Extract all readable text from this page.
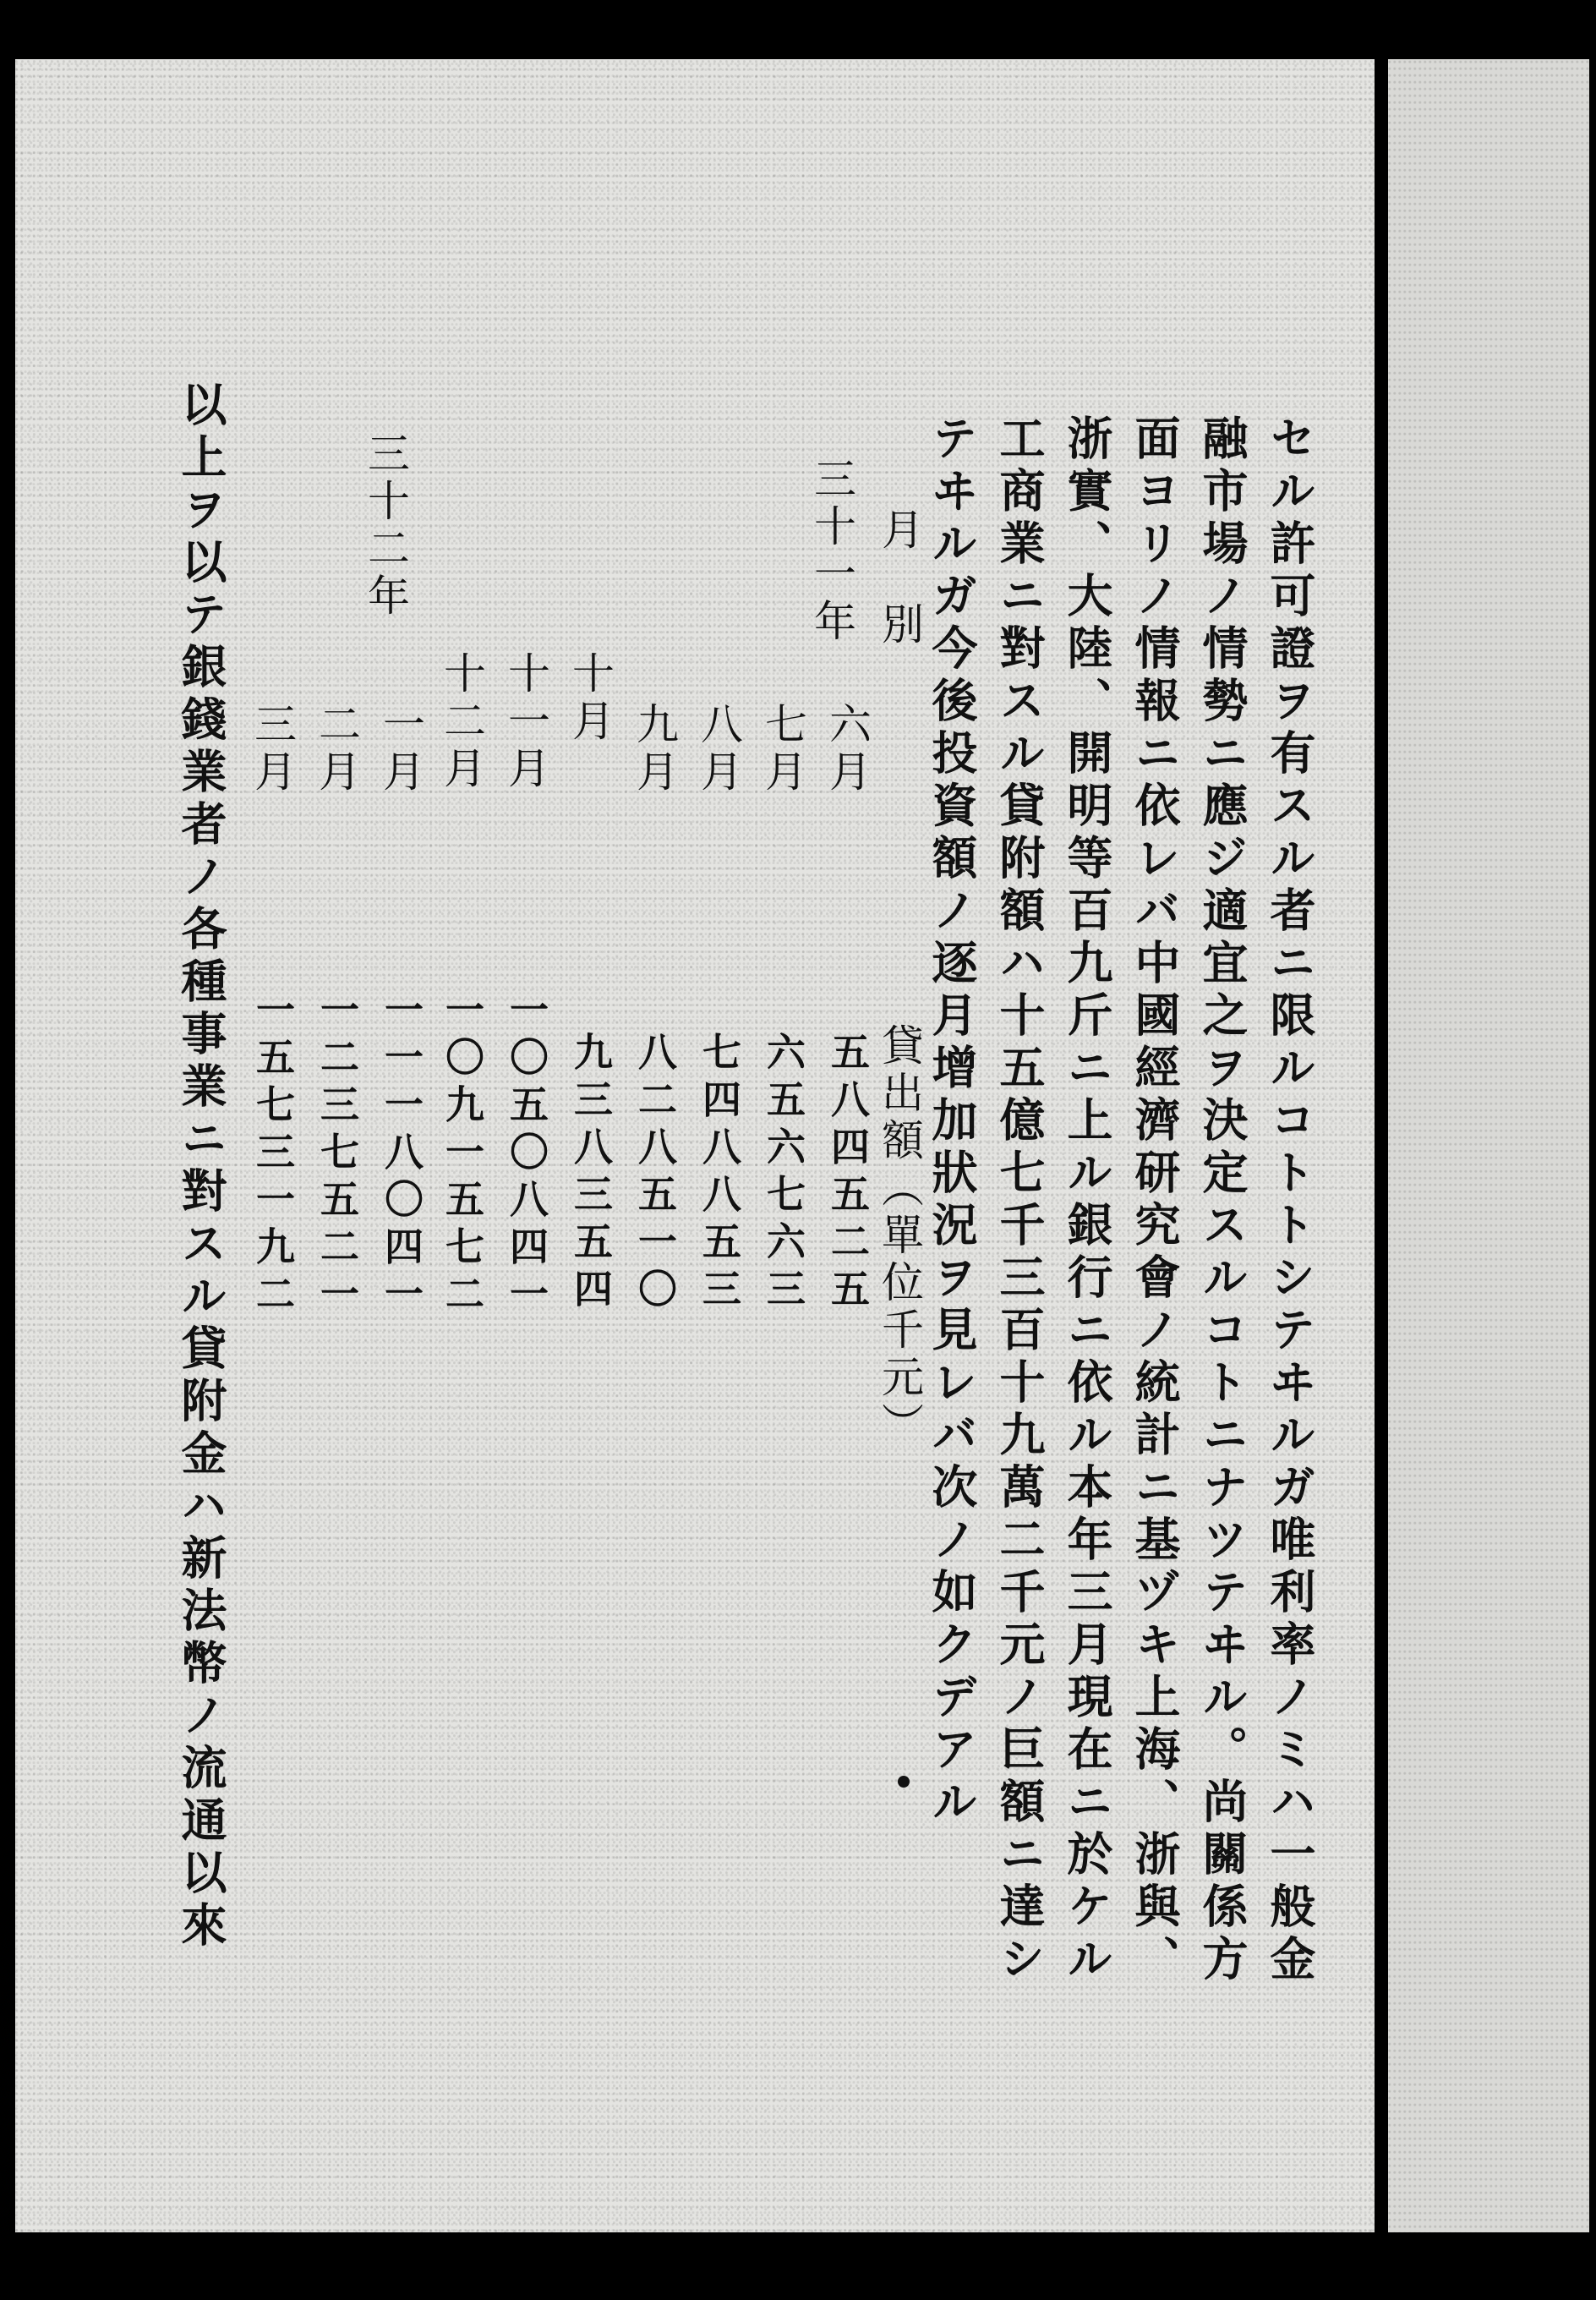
セル許可證ヲ有スル者ニ限ルコトトシテヰルガ唯利率ノミハ一般金
融市場ノ情勢ニ應ジ適宜之ヲ決定スルコトニナツテヰル。尚關係方
面ヨリノ情報ニ依レバ中國經濟研究會ノ統計ニ基ヅキ上海、浙與、
浙實、大陸、開明等百九斤ニ上ル銀行ニ依ル本年三月現在ニ於ケル
工商業ニ對スル貸附額ハ十五億七千三百十九萬二千元ノ巨額ニ達シ
テヰルガ今後投資額ノ逐月增加狀況ヲ見レバ次ノ如クデアル
月　別
貸出額（單位千元）
三十一年
三十二年
六月
七月
八月
九月
十月
十一月
十二月
一月
二月
三月
五八四五二五
六五六七六三
七四八八五三
八二八五一〇
九三八三五四
一〇五〇八四一
一〇九一五七二
一一一八〇四一
一二三七五二一
一五七三一九二
以上ヲ以テ銀錢業者ノ各種事業ニ對スル貸附金ハ新法幣ノ流通以來
